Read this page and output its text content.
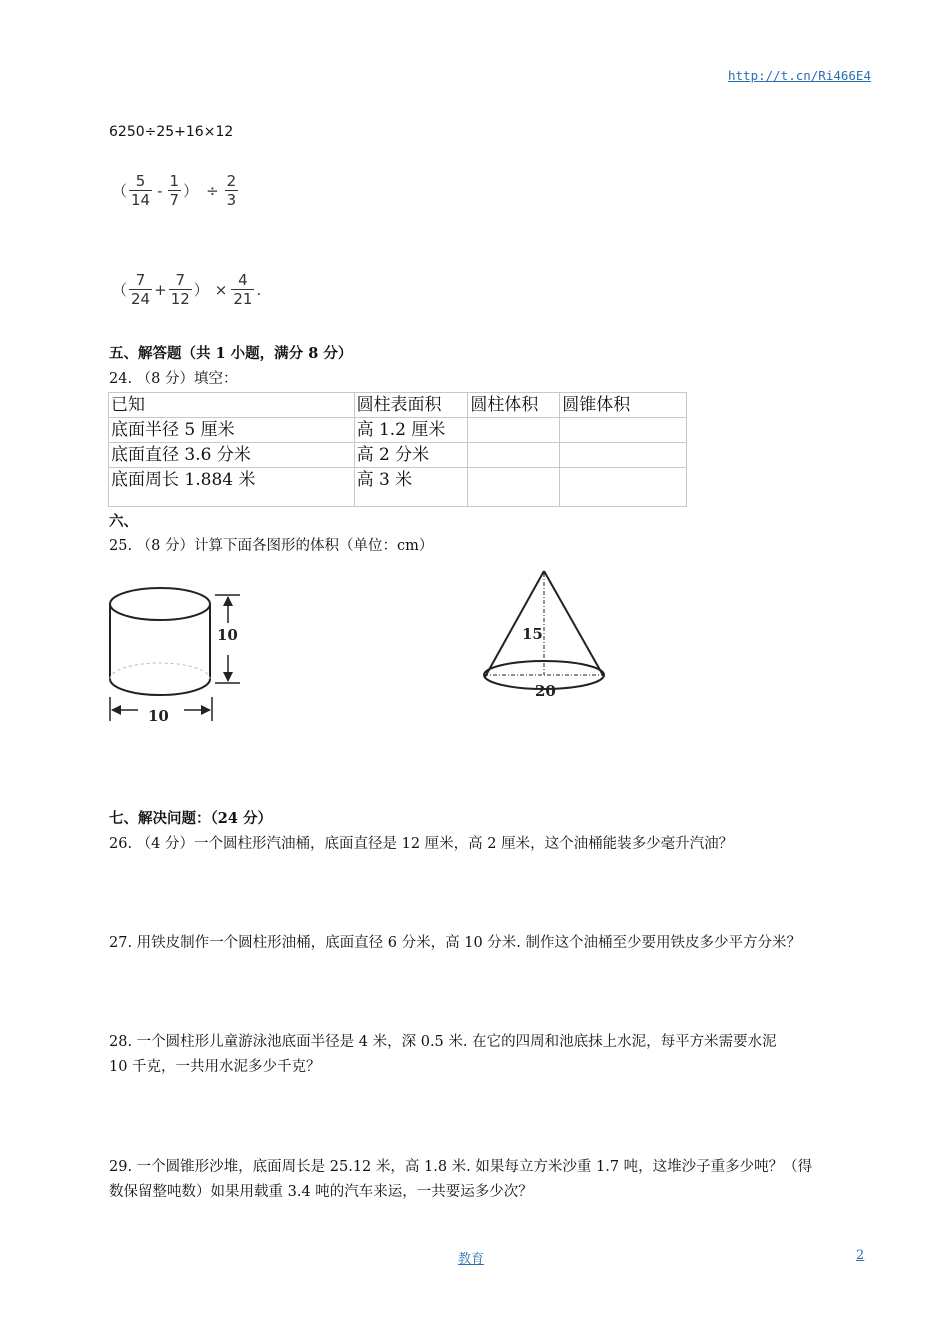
http://t.cn/Ri466E4
6250÷25+16×12
（ $\frac{5}{14} - \frac{1}{7}$ ） ÷ $\frac{2}{3}$
（ $\frac{7}{24} + \frac{7}{12}$ ） × $\frac{4}{21}$ .
五、解答题（共 1 小题，满分 8 分）
24. （8 分）填空：
已知	圆柱表面积	圆柱体积	圆锥体积
底面半径 5 厘米	高 1.2 厘米		
底面直径 3.6 分米	高 2 分米		
底面周长 1.884 米	高 3 米		
六、
25. （8 分）计算下面各图形的体积（单位：cm）
10
10
15
20
七、解决问题：（24 分）
26. （4 分）一个圆柱形汽油桶，底面直径是 12 厘米，高 2 厘米，这个油桶能装多少毫升汽油？
27. 用铁皮制作一个圆柱形油桶，底面直径 6 分米，高 10 分米. 制作这个油桶至少要用铁皮多少平方分米？
28. 一个圆柱形儿童游泳池底面半径是 4 米，深 0.5 米. 在它的四周和池底抹上水泥，每平方米需要水泥
10 千克，一共用水泥多少千克？
29. 一个圆锥形沙堆，底面周长是 25.12 米，高 1.8 米. 如果每立方米沙重 1.7 吨，这堆沙子重多少吨？（得
数保留整吨数）如果用载重 3.4 吨的汽车来运，一共要运多少次？
教育	2
